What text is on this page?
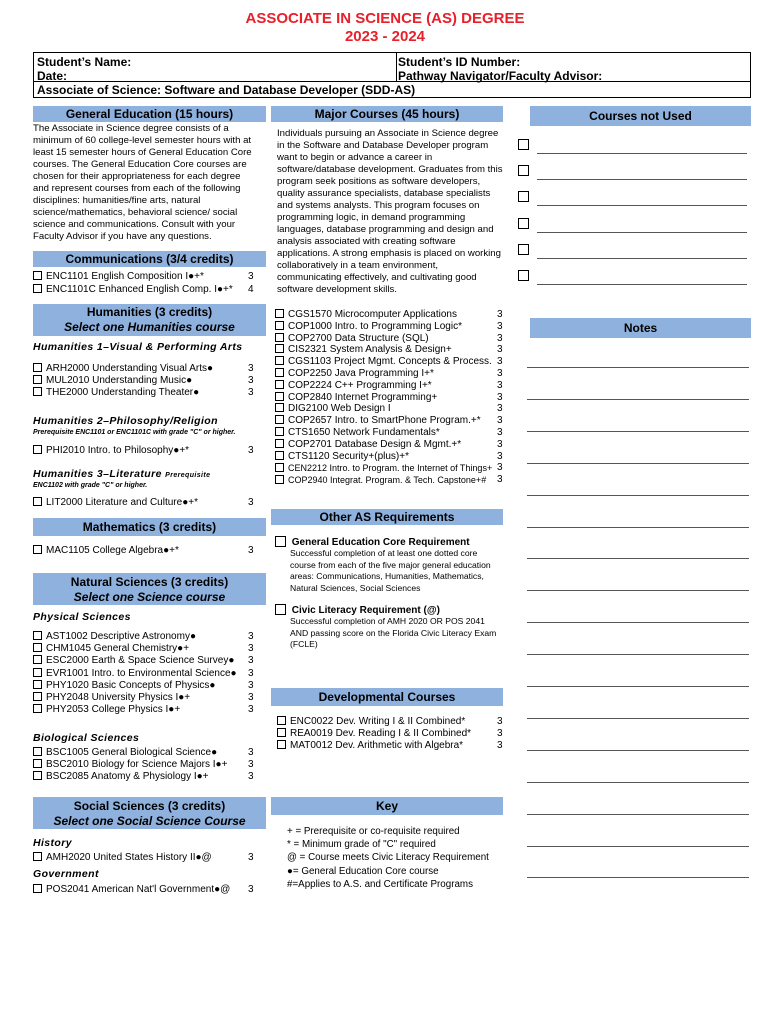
ASSOCIATE IN SCIENCE (AS) DEGREE
2023 - 2024
Student’s Name:	Student’s ID Number:
Date:	Pathway Navigator/Faculty Advisor:
Associate of Science: Software and Database Developer (SDD-AS)
General Education (15 hours)
The Associate in Science degree consists of a minimum of 60 college-level semester hours with at least 15 semester hours of General Education Core courses. The General Education Core courses are chosen for their appropriateness for each degree and represent courses from each of the following disciplines: humanities/fine arts, natural science/mathematics, behavioral science/ social science and communications. Consult with your Faculty Advisor if you have any questions.
Communications (3/4 credits)
ENC1101 English Composition I●+*	3
ENC1101C Enhanced English Comp. I●+* 4
Humanities (3 credits)
Select one Humanities course
Humanities 1–Visual & Performing Arts
ARH2000 Understanding Visual Arts●	3
MUL2010 Understanding Music●	3
THE2000 Understanding Theater●	3
Humanities 2–Philosophy/Religion
Prerequisite ENC1101 or ENC1101C with grade "C" or higher.
PHI2010 Intro. to Philosophy●+*	3
Humanities 3–Literature Prerequisite
ENC1102 with grade "C" or higher.
LIT2000 Literature and Culture●+*	3
Mathematics (3 credits)
MAC1105 College Algebra●+*	3
Natural Sciences (3 credits)
Select one Science course
Physical Sciences
AST1002 Descriptive Astronomy●	3
CHM1045 General Chemistry●+	3
ESC2000 Earth & Space Science Survey● 3
EVR1001 Intro. to Environmental Science● 3
PHY1020 Basic Concepts of Physics●	3
PHY2048 University Physics I●+	3
PHY2053 College Physics I●+	3
Biological Sciences
BSC1005 General Biological Science●	3
BSC2010 Biology for Science Majors I●+ 3
BSC2085 Anatomy & Physiology I●+	3
Social Sciences (3 credits)
Select one Social Science Course
History
AMH2020 United States History II●@	3
Government
POS2041 American Nat'l Government●@ 3
Major Courses (45 hours)
Individuals pursuing an Associate in Science degree in the Software and Database Developer program want to begin or advance a career in software/database development. Graduates from this program seek positions as software developers, quality assurance specialists, database specialists and systems analysts. This program focuses on programming logic, in demand programming languages, database programming and design and analysis associated with creating software applications. A strong emphasis is placed on working collaboratively in a team environment, communicating effectively, and cultivating good software development skills.
CGS1570 Microcomputer Applications	3
COP1000 Intro. to Programming Logic*	3
COP2700 Data Structure (SQL)	3
CIS2321 System Analysis & Design+	3
CGS1103 Project Mgmt. Concepts & Process. 3
COP2250 Java Programming I+*	3
COP2224 C++ Programming I+*	3
COP2840 Internet Programming+	3
DIG2100 Web Design I	3
COP2657 Intro. to SmartPhone Program.+* 3
CTS1650 Network Fundamentals*	3
COP2701 Database Design & Mgmt.+*	3
CTS1120 Security+(plus)+*	3
CEN2212 Intro. to Program. the Internet of Things+ 3
COP2940 Integrat. Program. & Tech. Capstone+# 3
Other AS Requirements
General Education Core Requirement
Successful completion of at least one dotted core course from each of the five major general education areas: Communications, Humanities, Mathematics, Natural Sciences, Social Sciences
Civic Literacy Requirement (@)
Successful completion of AMH 2020 OR POS 2041 AND passing score on the Florida Civic Literacy Exam (FCLE)
Developmental Courses
ENC0022 Dev. Writing I & II Combined*	3
REA0019 Dev. Reading I & II Combined*	3
MAT0012 Dev. Arithmetic with Algebra*	3
Key
+ = Prerequisite or co-requisite required
* = Minimum grade of "C" required
@ = Course meets Civic Literacy Requirement
●= General Education Core course
#=Applies to A.S. and Certificate Programs
Courses not Used
Notes
